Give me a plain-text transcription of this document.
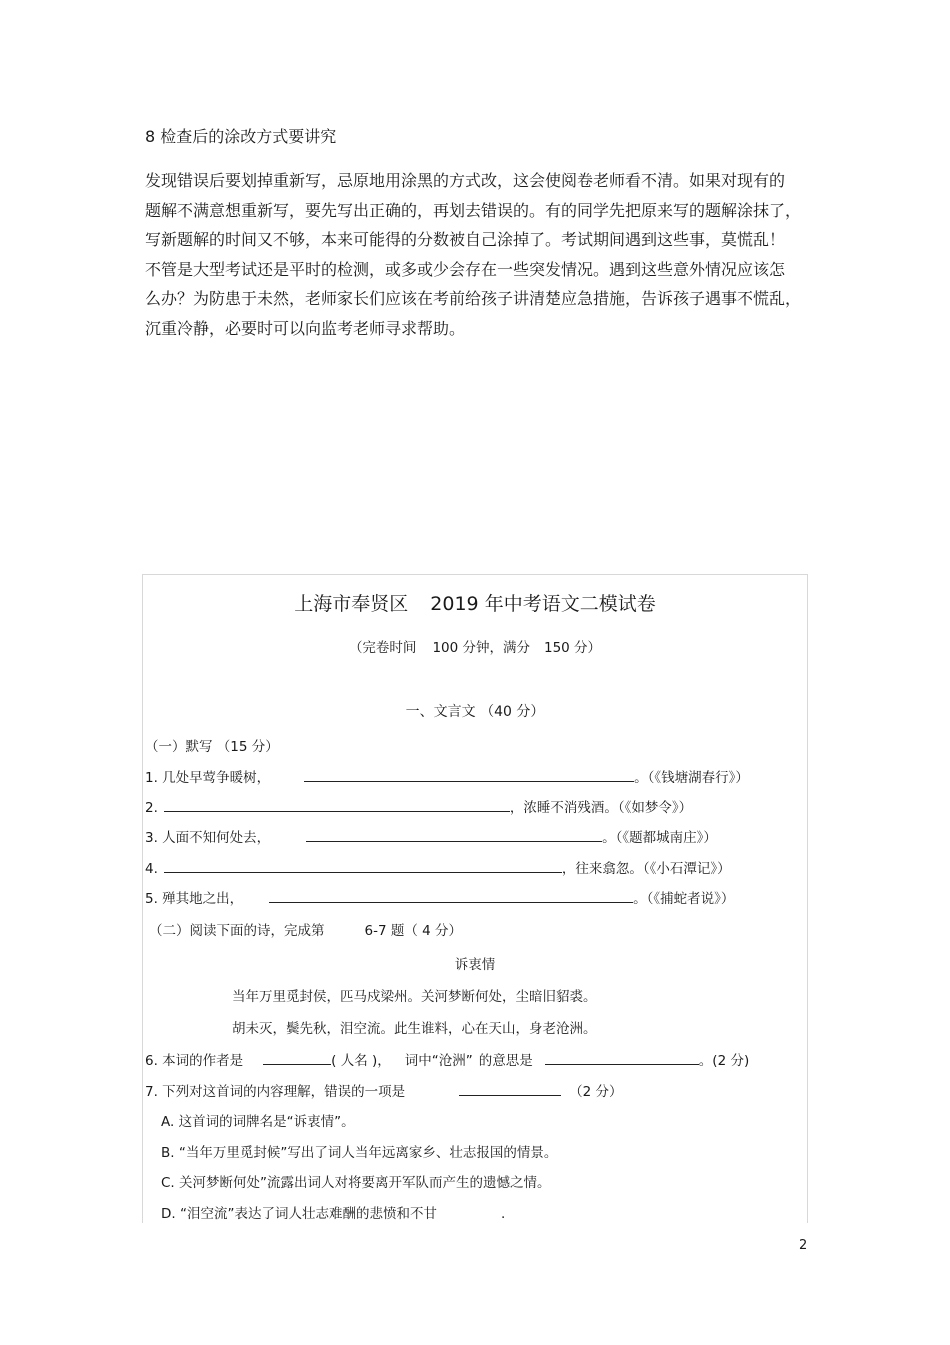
8 检查后的涂改方式要讲究

发现错误后要划掉重新写，忌原地用涂黑的方式改，这会使阅卷老师看不清。如果对现有的

题解不满意想重新写，要先写出正确的，再划去错误的。有的同学先把原来写的题解涂抹了，

写新题解的时间又不够，本来可能得的分数被自己涂掉了。考试期间遇到这些事，莫慌乱！

不管是大型考试还是平时的检测，或多或少会存在一些突发情况。遇到这些意外情况应该怎

么办？为防患于未然，老师家长们应该在考前给孩子讲清楚应急措施，告诉孩子遇事不慌乱，

沉重冷静，必要时可以向监考老师寻求帮助。

上海市奉贤区 2019 年中考语文二模试卷
（完卷时间 100 分钟，满分 150 分）
一、文言文 （40 分）
（一）默写 （15 分）
1. 几处早莺争暖树，	。（《钱塘湖春行》）
2.	，浓睡不消残酒。（《如梦令》）
3. 人面不知何处去，	。（《题都城南庄》）
4.	，往来翕忽。（《小石潭记》）
5. 殚其地之出，	。（《捕蛇者说》）
（二）阅读下面的诗，完成第	6-7 题（ 4 分）
诉衷情
当年万里觅封侯，匹马戍梁州。关河梦断何处，尘暗旧貂裘。
胡未灭，鬓先秋，泪空流。此生谁料，心在天山，身老沧洲。
6. 本词的作者是	( 人名 )， 词中“沧洲” 的意思是	。(2 分)
7. 下列对这首词的内容理解，错误的一项是	（2 分）
A. 这首词的词牌名是“诉衷情”。
B. “当年万里觅封候”写出了词人当年远离家乡、壮志报国的情景。
C. 关河梦断何处”流露出词人对将要离开军队而产生的遗憾之情。
D. “泪空流”表达了词人壮志难酬的悲愤和不甘	.
2
